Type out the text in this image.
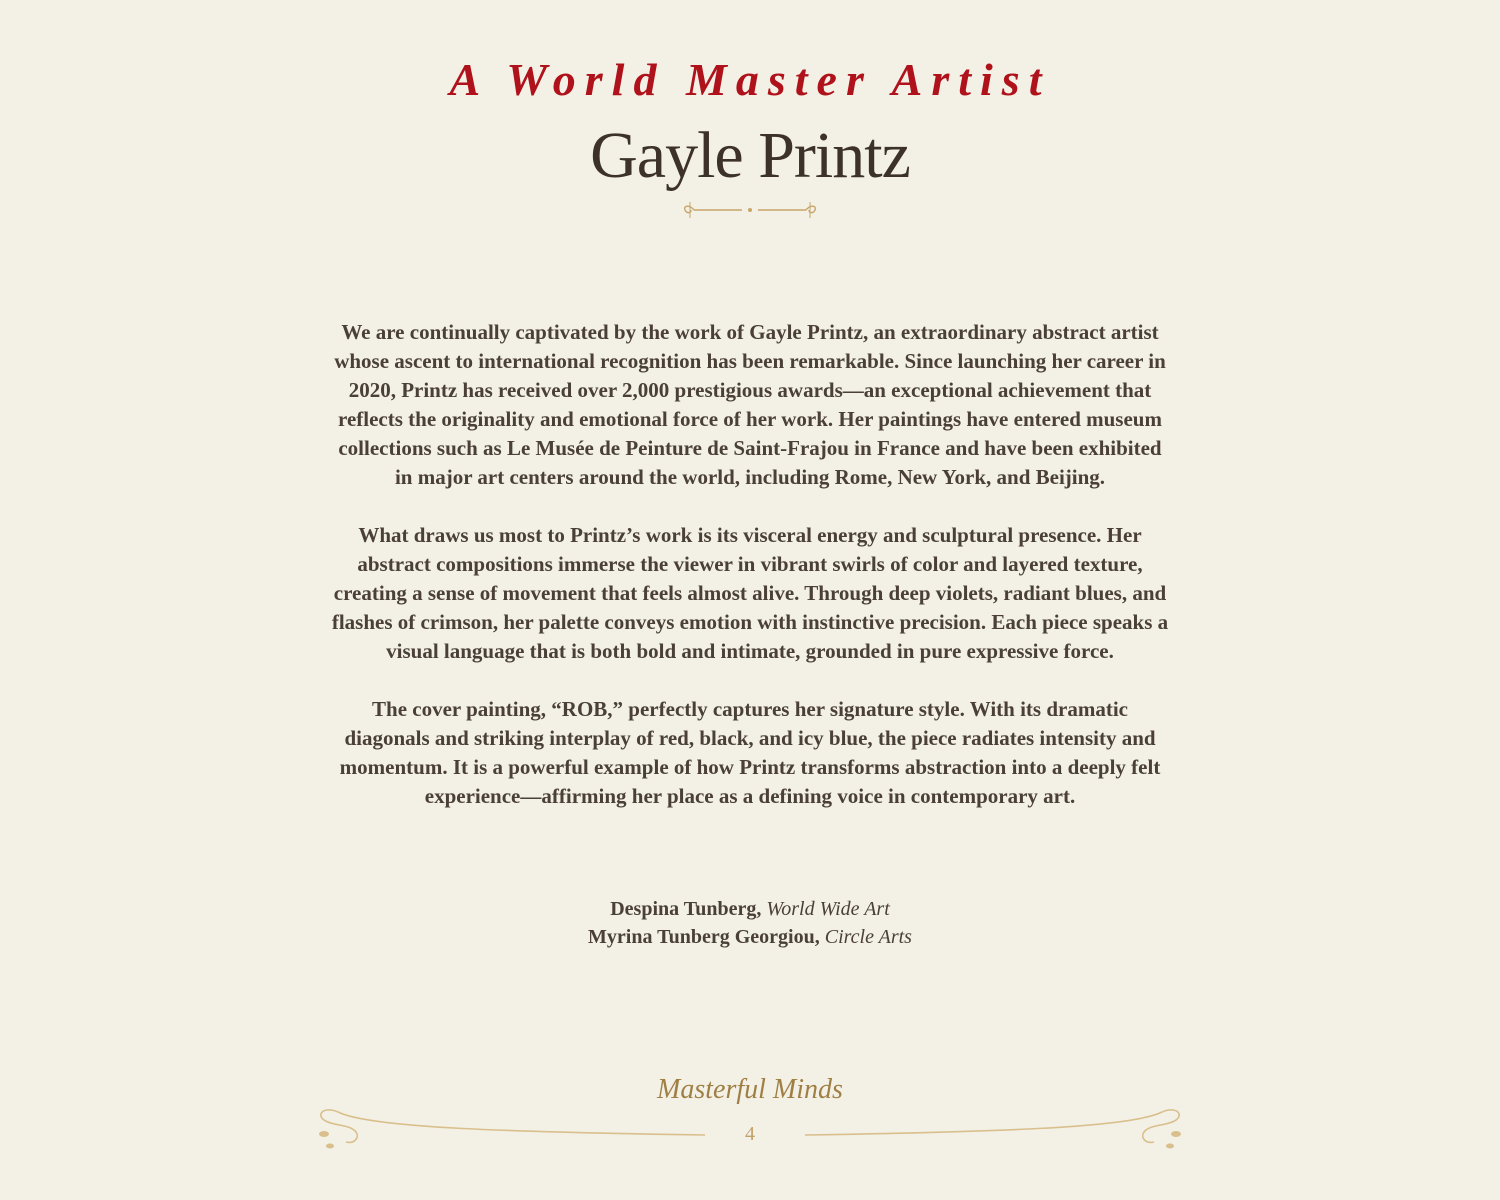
A World Master Artist
Gayle Printz

We are continually captivated by the work of Gayle Printz, an extraordinary abstract artist whose ascent to international recognition has been remarkable. Since launching her career in 2020, Printz has received over 2,000 prestigious awards—an exceptional achievement that reflects the originality and emotional force of her work. Her paintings have entered museum collections such as Le Musée de Peinture de Saint-Frajou in France and have been exhibited in major art centers around the world, including Rome, New York, and Beijing.

What draws us most to Printz’s work is its visceral energy and sculptural presence. Her abstract compositions immerse the viewer in vibrant swirls of color and layered texture, creating a sense of movement that feels almost alive. Through deep violets, radiant blues, and flashes of crimson, her palette conveys emotion with instinctive precision. Each piece speaks a visual language that is both bold and intimate, grounded in pure expressive force.

The cover painting, “ROB,” perfectly captures her signature style. With its dramatic diagonals and striking interplay of red, black, and icy blue, the piece radiates intensity and momentum. It is a powerful example of how Printz transforms abstraction into a deeply felt experience—affirming her place as a defining voice in contemporary art.

Despina Tunberg, World Wide Art
Myrina Tunberg Georgiou, Circle Arts
Masterful Minds
4
